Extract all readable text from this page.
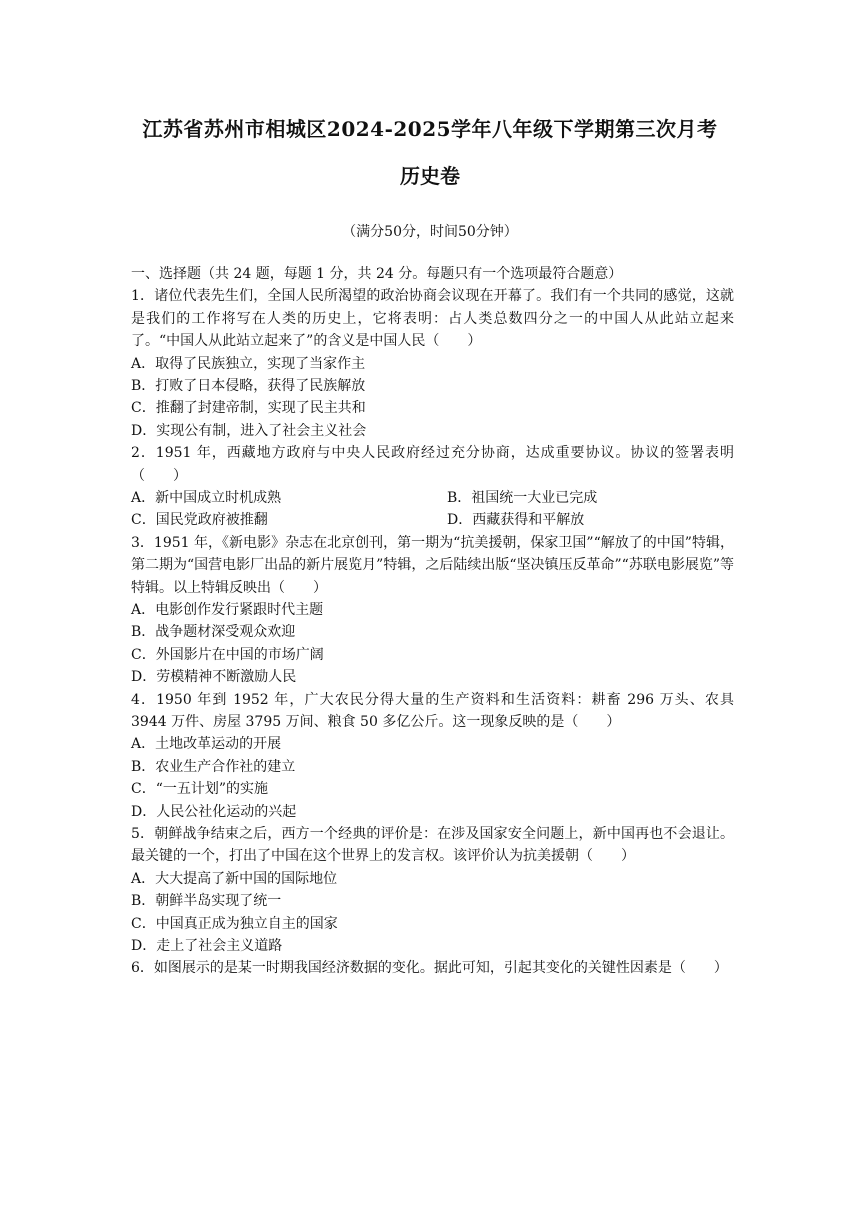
江苏省苏州市相城区2024-2025学年八年级下学期第三次月考
历史卷
（满分50分，时间50分钟）
一、选择题（共 24 题，每题 1 分，共 24 分。每题只有一个选项最符合题意）
1．诸位代表先生们，全国人民所渴望的政治协商会议现在开幕了。我们有一个共同的感觉，这就是我们的工作将写在人类的历史上，它将表明：占人类总数四分之一的中国人从此站立起来了。“中国人从此站立起来了”的含义是中国人民（　　）
A．取得了民族独立，实现了当家作主
B．打败了日本侵略，获得了民族解放
C．推翻了封建帝制，实现了民主共和
D．实现公有制，进入了社会主义社会
2．1951 年，西藏地方政府与中央人民政府经过充分协商，达成重要协议。协议的签署表明（　　）
A．新中国成立时机成熟	B．祖国统一大业已完成
C．国民党政府被推翻	D．西藏获得和平解放
3．1951 年，《新电影》杂志在北京创刊，第一期为“抗美援朝，保家卫国”“解放了的中国”特辑，第二期为“国营电影厂出品的新片展览月”特辑，之后陆续出版“坚决镇压反革命”“苏联电影展览”等特辑。以上特辑反映出（　　）
A．电影创作发行紧跟时代主题
B．战争题材深受观众欢迎
C．外国影片在中国的市场广阔
D．劳模精神不断激励人民
4．1950 年到 1952 年，广大农民分得大量的生产资料和生活资料：耕畜 296 万头、农具 3944 万件、房屋 3795 万间、粮食 50 多亿公斤。这一现象反映的是（　　）
A．土地改革运动的开展
B．农业生产合作社的建立
C．“一五计划”的实施
D．人民公社化运动的兴起
5．朝鲜战争结束之后，西方一个经典的评价是：在涉及国家安全问题上，新中国再也不会退让。最关键的一个，打出了中国在这个世界上的发言权。该评价认为抗美援朝（　　）
A．大大提高了新中国的国际地位
B．朝鲜半岛实现了统一
C．中国真正成为独立自主的国家
D．走上了社会主义道路
6．如图展示的是某一时期我国经济数据的变化。据此可知，引起其变化的关键性因素是（　　）
